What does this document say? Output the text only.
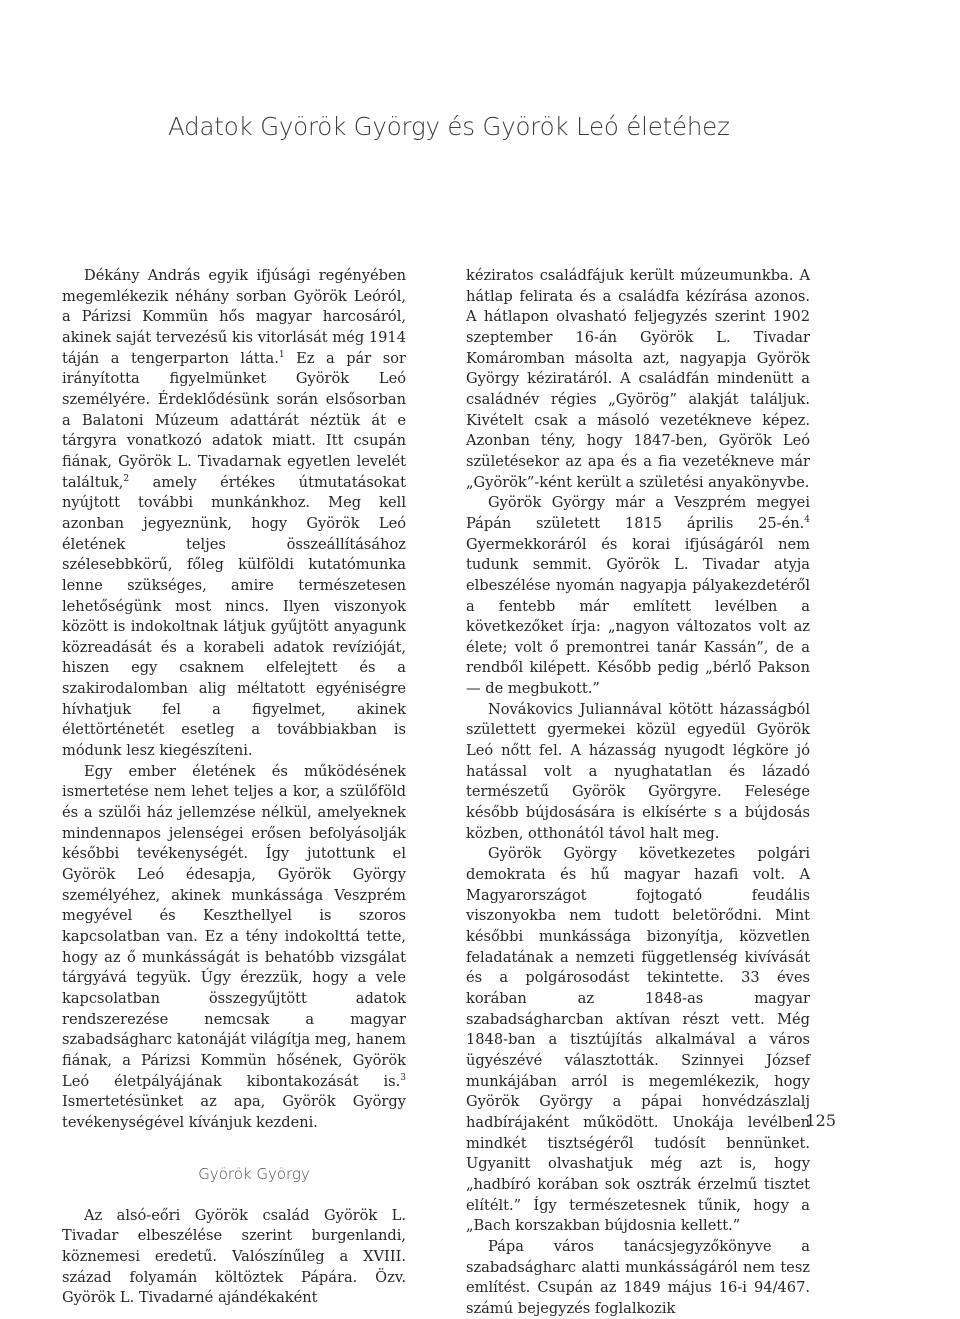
Adatok Györök György és Györök Leó életéhez

Dékány András egyik ifjúsági regényében megemlékezik néhány sorban Györök Leóról, a Párizsi Kommün hős magyar harcosáról, akinek saját tervezésű kis vitorlását még 1914 táján a tengerparton látta.$^1$ Ez a pár sor irányította figyelmünket Györök Leó személyére. Érdeklődésünk során elsősorban a Balatoni Múzeum adattárát néztük át e tárgyra vonatkozó adatok miatt. Itt csupán fiának, Györök L. Tivadarnak egyetlen levelét találtuk,$^2$ amely értékes útmutatásokat nyújtott további munkánkhoz. Meg kell azonban jegyeznünk, hogy Györök Leó életének teljes összeállításához szélesebbkörű, főleg külföldi kutatómunka lenne szükséges, amire természetesen lehetőségünk most nincs. Ilyen viszonyok között is indokoltnak látjuk gyűjtött anyagunk közreadását és a korabeli adatok revízióját, hiszen egy csaknem elfelejtett és a szakirodalomban alig méltatott egyéniségre hívhatjuk fel a figyelmet, akinek élettörténetét esetleg a továbbiakban is módunk lesz kiegészíteni.

Egy ember életének és működésének ismertetése nem lehet teljes a kor, a szülőföld és a szülői ház jellemzése nélkül, amelyeknek mindennapos jelenségei erősen befolyásolják későbbi tevékenységét. Így jutottunk el Györök Leó édesapja, Györök György személyéhez, akinek munkássága Veszprém megyével és Keszthellyel is szoros kapcsolatban van. Ez a tény indokolttá tette, hogy az ő munkásságát is behatóbb vizsgálat tárgyává tegyük. Úgy érezzük, hogy a vele kapcsolatban összegyűjtött adatok rendszerezése nemcsak a magyar szabadságharc katonáját világítja meg, hanem fiának, a Párizsi Kommün hősének, Györök Leó életpályájának kibontakozását is.$^3$ Ismertetésünket az apa, Györök György tevékenységével kívánjuk kezdeni.

Györök György

Az alsó-eőri Györök család Györök L. Tivadar elbeszélése szerint burgenlandi, köznemesi eredetű. Valószínűleg a XVIII. század folyamán költöztek Pápára. Özv. Györök L. Tivadarné ajándékaként

kéziratos családfájuk került múzeumunkba. A hátlap felirata és a családfa kézírása azonos. A hátlapon olvasható feljegyzés szerint 1902 szeptember 16-án Györök L. Tivadar Komáromban másolta azt, nagyapja Györök György kéziratáról. A családfán mindenütt a családnév régies „Györög” alakját találjuk. Kivételt csak a másoló vezetékneve képez. Azonban tény, hogy 1847-ben, Györök Leó születésekor az apa és a fia vezetékneve már „Györök”-ként került a születési anyakönyvbe.

Györök György már a Veszprém megyei Pápán született 1815 április 25-én.$^4$ Gyermekkoráról és korai ifjúságáról nem tudunk semmit. Györök L. Tivadar atyja elbeszélése nyomán nagyapja pályakezdetéről a fentebb már említett levélben a következőket írja: „nagyon változatos volt az élete; volt ő premontrei tanár Kassán”, de a rendből kilépett. Később pedig „bérlő Pakson — de megbukott.”

Novákovics Juliannával kötött házasságból születtett gyermekei közül egyedül Györök Leó nőtt fel. A házasság nyugodt légköre jó hatással volt a nyughatatlan és lázadó természetű Györök Györgyre. Felesége később bújdosására is elkísérte s a bújdosás közben, otthonától távol halt meg.

Györök György következetes polgári demokrata és hű magyar hazafi volt. A Magyarországot fojtogató feudális viszonyokba nem tudott beletörődni. Mint későbbi munkássága bizonyítja, közvetlen feladatának a nemzeti függetlenség kivívását és a polgárosodást tekintette. 33 éves korában az 1848-as magyar szabadságharcban aktívan részt vett. Még 1848-ban a tisztújítás alkalmával a város ügyészévé választották. Szinnyei József munkájában arról is megemlékezik, hogy Györök György a pápai honvédzászlalj hadbírájaként működött. Unokája levélben mindkét tisztségéről tudósít bennünket. Ugyanitt olvashatjuk még azt is, hogy „hadbíró korában sok osztrák érzelmű tisztet elítélt.” Így természetesnek tűnik, hogy a „Bach korszakban bújdosnia kellett.”

Pápa város tanácsjegyzőkönyve a szabadságharc alatti munkásságáról nem tesz említést. Csupán az 1849 május 16-i 94/467. számú bejegyzés foglalkozik

125
